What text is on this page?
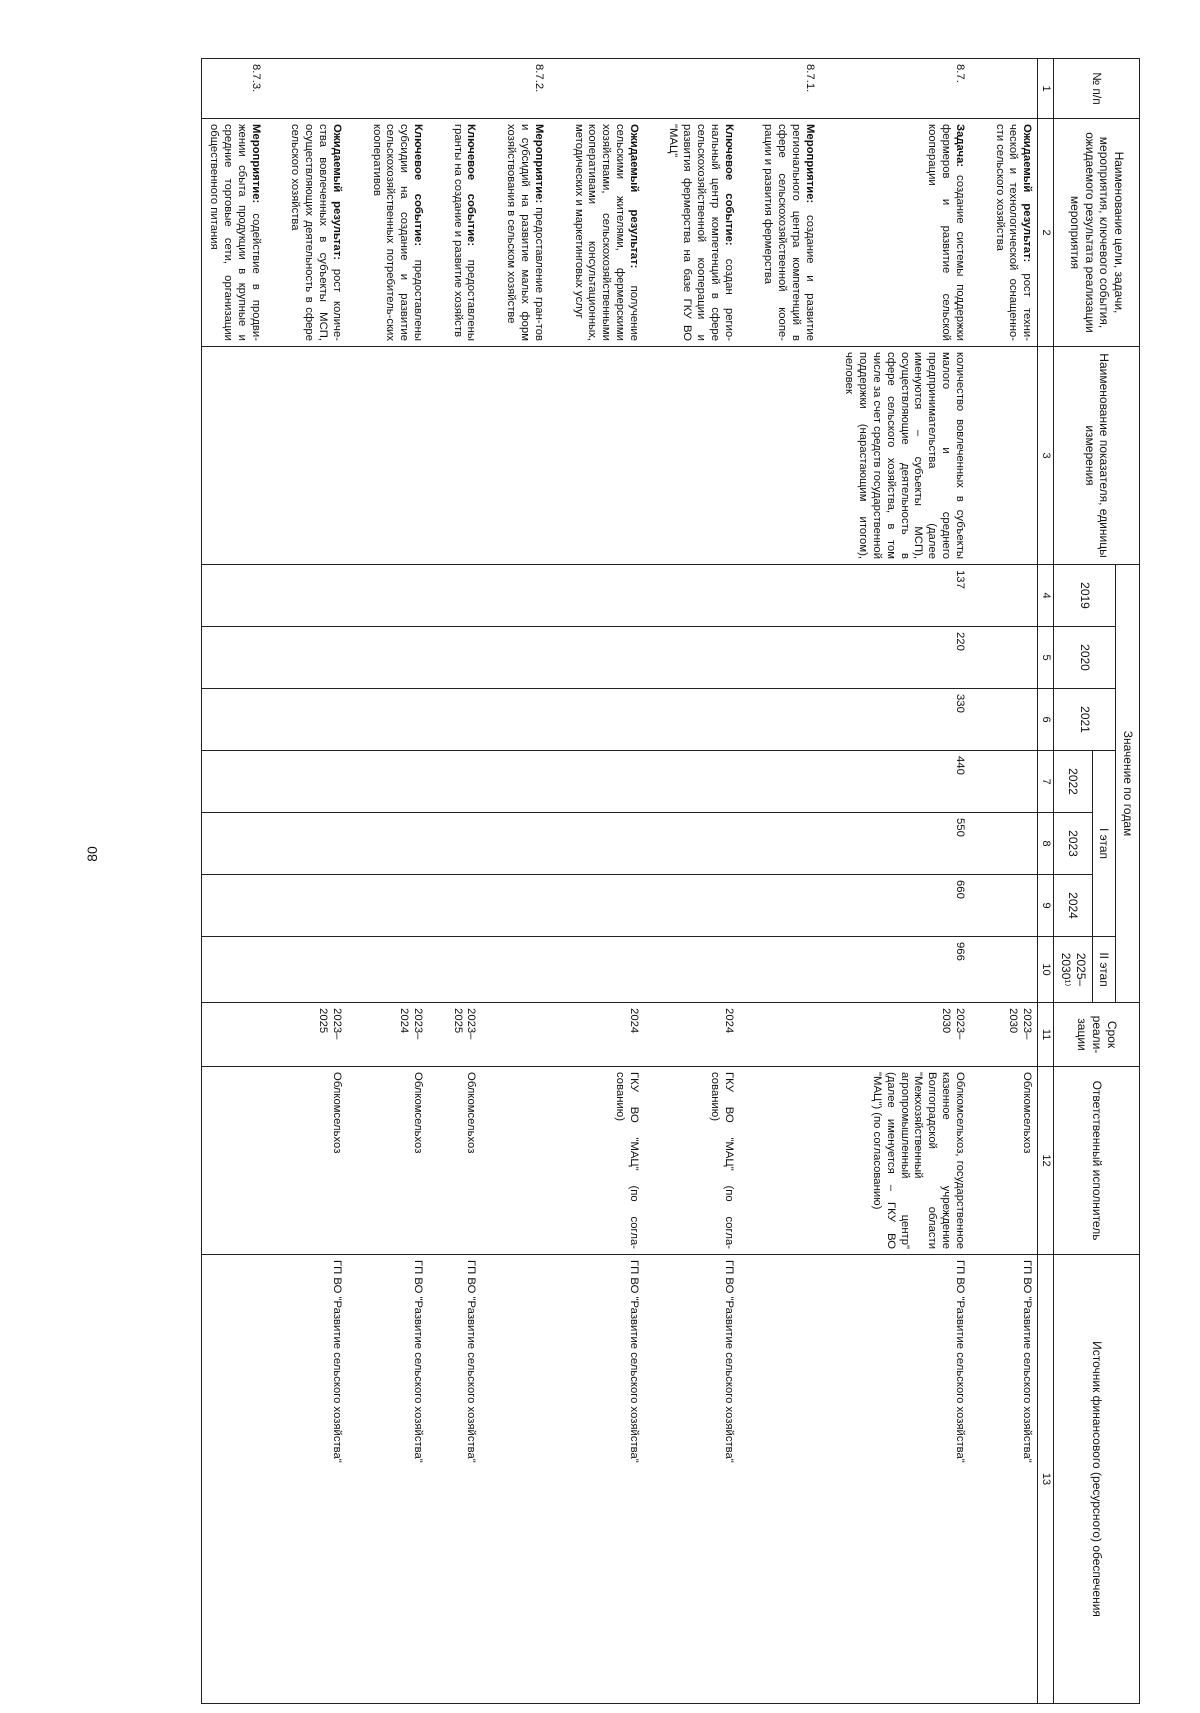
80
№ п/п	Наименование цели, задачи, мероприятия, ключевого события, ожидаемого результата реализации мероприятия	Наименование показателя, единицы измерения	Значение по годам							Срок реали-зации	Ответственный исполнитель	Источник финансового (ресурсного) обеспечения
			2019	2020	2021	I этап			II этап			
						2022	2023	2024	2025–2030¹⁾			
1	2	3	4	5	6	7	8	9	10	11	12	13
	Ожидаемый результат: рост техни-ческой и технологической оснащенно-сти сельского хозяйства									2023–2030	Облкомсельхоз	ГП ВО "Развитие сельского хозяйства"

8.7.	Задача: создание системы поддержки фермеров и развитие сельской кооперации	количество вовлеченных в субъекты малого и среднего предпринимательства (далее именуются – субъекты МСП), осуществляющие деятельность в сфере сельского хозяйства, в том числе за счет средств государственной поддержки (нарастающим итогом), человек	137	220	330	440	550	660	966	2023–2030	Облкомсельхоз, государственное казенное учреждение Волгоградской области "Межхозяйственный агропромышленный центр" (далее именуется – ГКУ ВО "МАЦ") (по согласованию)	ГП ВО "Развитие сельского хозяйства"

8.7.1.	Мероприятие: создание и развитие регионального центра компетенций в сфере сельскохозяйственной коопе-рации и развития фермерства											

	Ключевое событие: создан регио-нальный центр компетенций в сфере сельскохозяйственной кооперации и развития фермерства на базе ГКУ ВО "МАЦ"									2024	ГКУ ВО "МАЦ" (по согла-сованию)	ГП ВО "Развитие сельского хозяйства"

	Ожидаемый результат: получение сельскими жителями, фермерскими хозяйствами, сельскохозяйственными кооперативами консультационных, методических и маркетинговых услуг									2024	ГКУ ВО "МАЦ" (по согла-сованию)	ГП ВО "Развитие сельского хозяйства"

8.7.2.	Мероприятие: предоставление гран-тов и субсидий на развитие малых форм хозяйствования в сельском хозяйстве											

	Ключевое событие: предоставлены гранты на создание и развитие хозяйств									2023–2025	Облкомсельхоз	ГП ВО "Развитие сельского хозяйства"

	Ключевое событие: предоставлены субсидии на создание и развитие сельскохозяйственных потребитель-ских кооперативов									2023–2024	Облкомсельхоз	ГП ВО "Развитие сельского хозяйства"

	Ожидаемый результат: рост количе-ства вовлеченных в субъекты МСП, осуществляющих деятельность в сфере сельского хозяйства									2023–2025	Облкомсельхоз	ГП ВО "Развитие сельского хозяйства"

8.7.3.	Мероприятие: содействие в продви-жении сбыта продукции в крупные и средние торговые сети, организации общественного питания											
